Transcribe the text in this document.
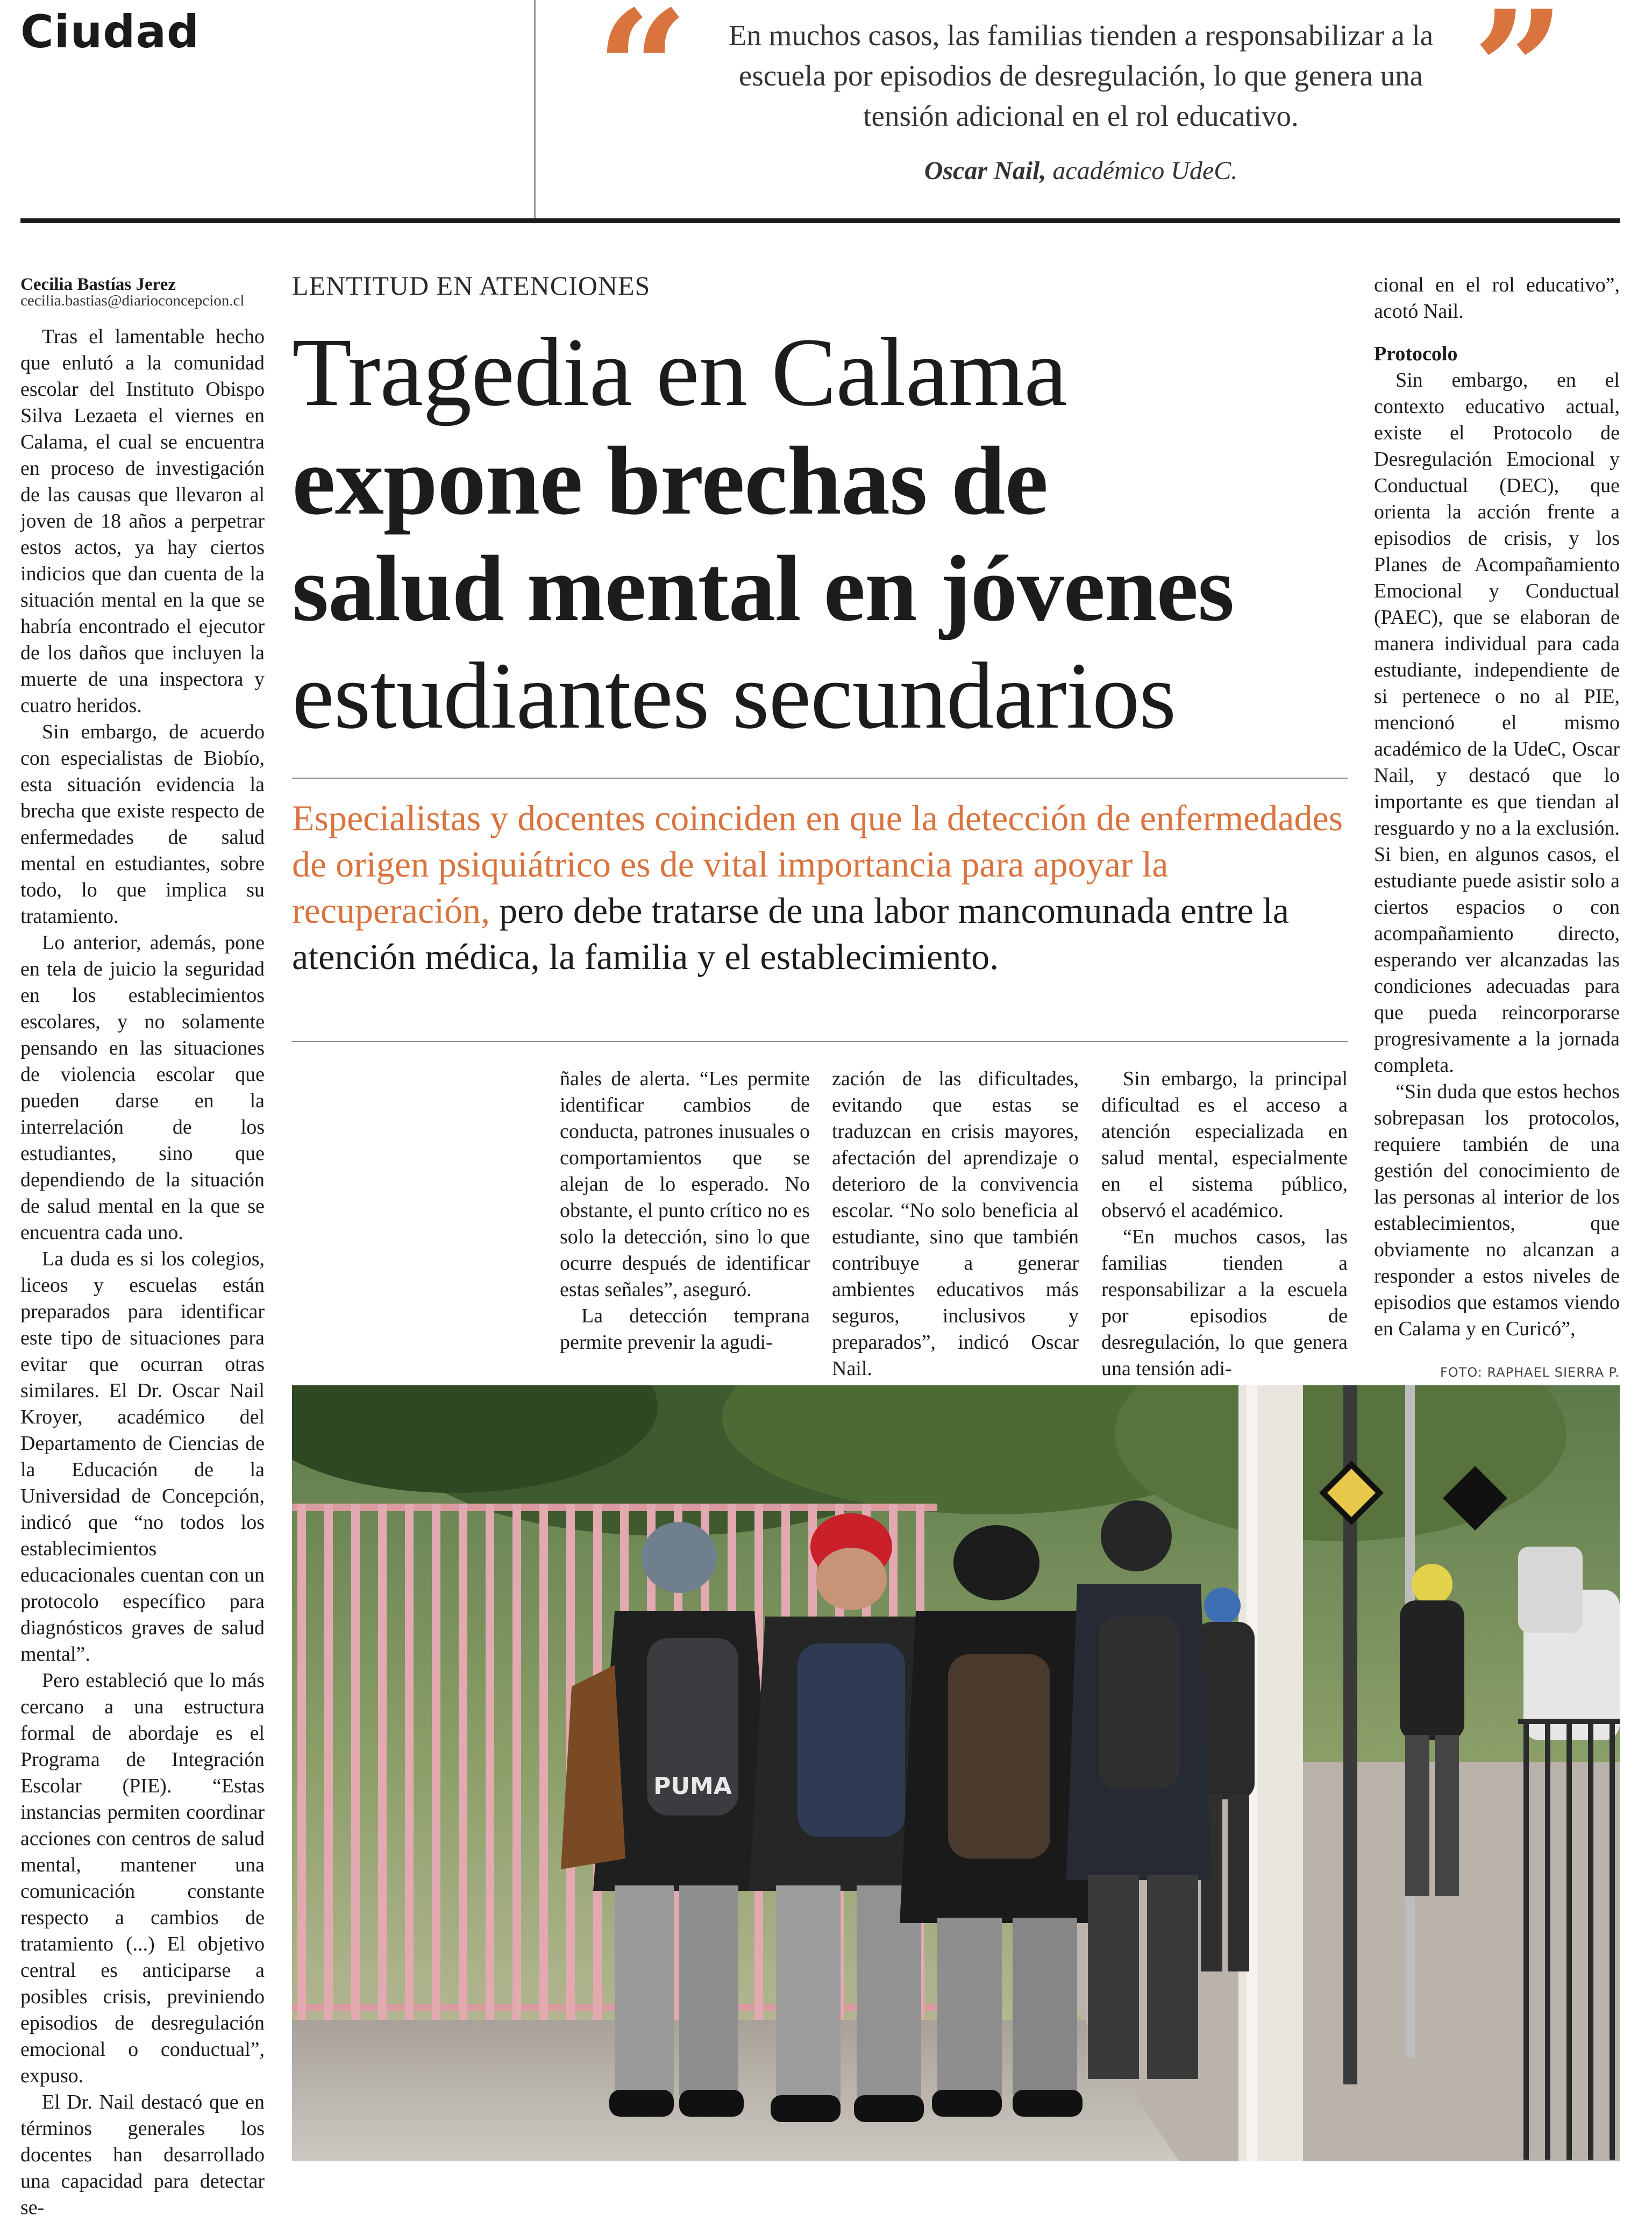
Ciudad “ En muchos casos, las familias tienden a responsabilizar a la escuela por episodios de desregulación, lo que genera una tensión adicional en el rol educativo.	”
Oscar Nail, académico UdeC.
Cecilia Bastías Jerez
cecilia.bastias@diarioconcepcion.cl	LENTITUD EN ATENCIONES
Tragedia en Calama
expone brechas de
salud mental en jóvenes
estudiantes secundarios

Especialistas y docentes coinciden en que la detección de enfermedades de origen psiquiátrico es de vital importancia para apoyar la recuperación, pero debe tratarse de una labor mancomunada entre la atención médica, la familia y el establecimiento.

Tras el lamentable hecho que enlutó a la comunidad escolar del Instituto Obispo Silva Lezaeta el viernes en Calama, el cual se encuentra en proceso de investigación de las causas que llevaron al joven de 18 años a perpetrar estos actos, ya hay ciertos indicios que dan cuenta de la situación mental en la que se habría encontrado el ejecutor de los daños que incluyen la muerte de una inspectora y cuatro heridos.

Sin embargo, de acuerdo con especialistas de Biobío, esta situación evidencia la brecha que existe respecto de enfermedades de salud mental en estudiantes, sobre todo, lo que implica su tratamiento.

Lo anterior, además, pone en tela de juicio la seguridad en los establecimientos escolares, y no solamente pensando en las situaciones de violencia escolar que pueden darse en la interrelación de los estudiantes, sino que dependiendo de la situación de salud mental en la que se encuentra cada uno.

La duda es si los colegios, liceos y escuelas están preparados para identificar este tipo de situaciones para evitar que ocurran otras similares. El Dr. Oscar Nail Kroyer, académico del Departamento de Ciencias de la Educación de la Universidad de Concepción, indicó que “no todos los establecimientos educacionales cuentan con un protocolo específico para diagnósticos graves de salud mental”.

Pero estableció que lo más cercano a una estructura formal de abordaje es el Programa de Integración Escolar (PIE). “Estas instancias permiten coordinar acciones con centros de salud mental, mantener una comunicación constante respecto a cambios de tratamiento (...) El objetivo central es anticiparse a posibles crisis, previniendo episodios de desregulación emocional o conductual”, expuso.

El Dr. Nail destacó que en términos generales los docentes han desarrollado una capacidad para detectar se-

ñales de alerta. “Les permite identificar cambios de conducta, patrones inusuales o comportamientos que se alejan de lo esperado. No obstante, el punto crítico no es solo la detección, sino lo que ocurre después de identificar estas señales”, aseguró.

La detección temprana permite prevenir la agudi-

zación de las dificultades, evitando que estas se traduzcan en crisis mayores, afectación del aprendizaje o deterioro de la convivencia escolar. “No solo beneficia al estudiante, sino que también contribuye a generar ambientes educativos más seguros, inclusivos y preparados”, indicó Oscar Nail.

Sin embargo, la principal dificultad es el acceso a atención especializada en salud mental, especialmente en el sistema público, observó el académico.

“En muchos casos, las familias tienden a responsabilizar a la escuela por episodios de desregulación, lo que genera una tensión adi-

cional en el rol educativo”, acotó Nail.

Protocolo

Sin embargo, en el contexto educativo actual, existe el Protocolo de Desregulación Emocional y Conductual (DEC), que orienta la acción frente a episodios de crisis, y los Planes de Acompañamiento Emocional y Conductual (PAEC), que se elaboran de manera individual para cada estudiante, independiente de si pertenece o no al PIE, mencionó el mismo académico de la UdeC, Oscar Nail, y destacó que lo importante es que tiendan al resguardo y no a la exclusión. Si bien, en algunos casos, el estudiante puede asistir solo a ciertos espacios o con acompañamiento directo, esperando ver alcanzadas las condiciones adecuadas para que pueda reincorporarse progresivamente a la jornada completa.

“Sin duda que estos hechos sobrepasan los protocolos, requiere también de una gestión del conocimiento de las personas al interior de los establecimientos, que obviamente no alcanzan a responder a estos niveles de episodios que estamos viendo en Calama y en Curicó”,

FOTO: RAPHAEL SIERRA P.
PUMA
